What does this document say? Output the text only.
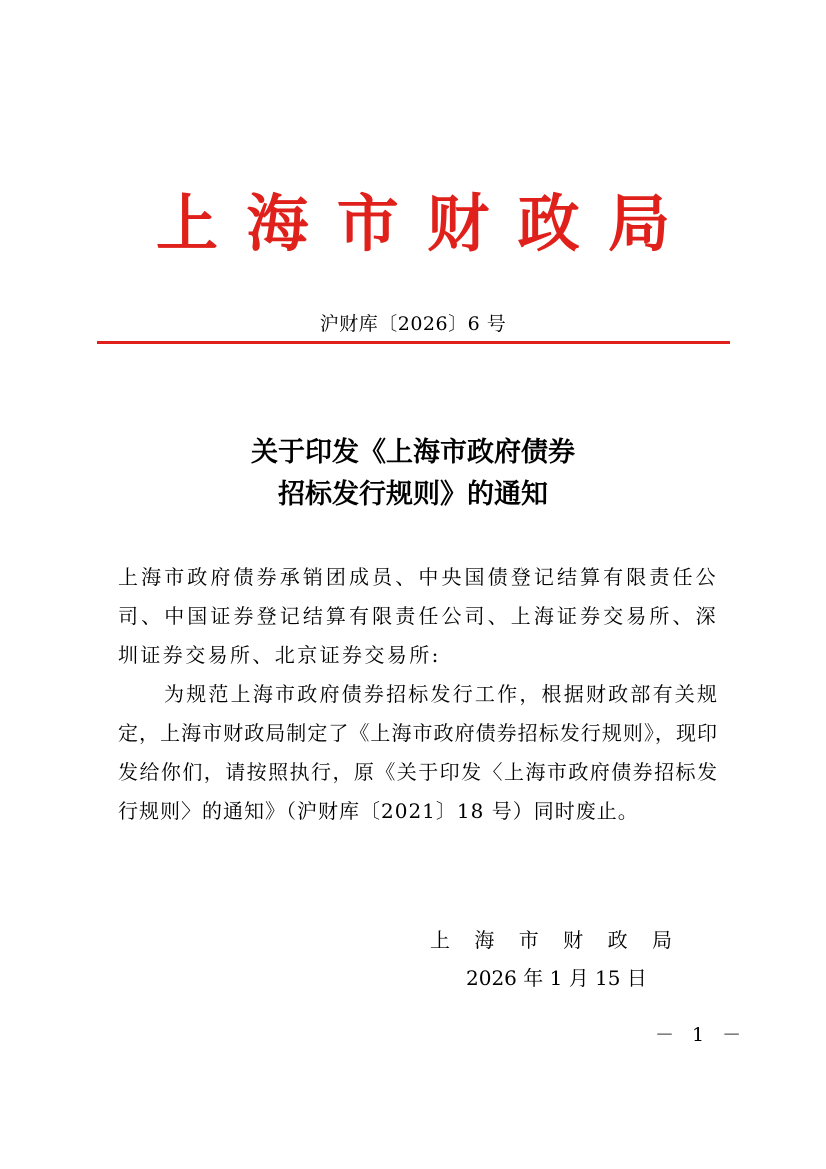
上 海 市 财 政 局
沪财库〔2026〕6 号
关于印发《上海市政府债券
招标发行规则》的通知

上海市政府债券承销团成员、中央国债登记结算有限责任公司、中国证券登记结算有限责任公司、上海证券交易所、深圳证券交易所、北京证券交易所:

为规范上海市政府债券招标发行工作，根据财政部有关规定，上海市财政局制定了《上海市政府债券招标发行规则》，现印发给你们，请按照执行，原《关于印发〈上海市政府债券招标发行规则〉的通知》（沪财库〔2021〕18 号）同时废止。

上 海 市 财 政 局
2026 年 1 月 15 日
－ 1 －
